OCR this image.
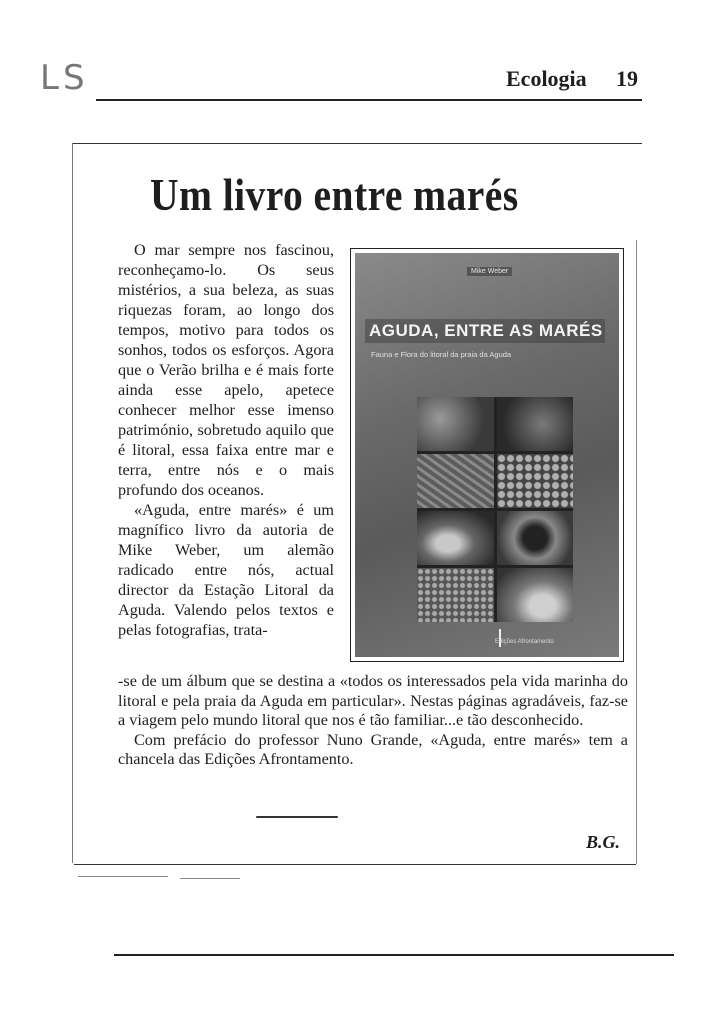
LS	Ecologia 19
Um livro entre marés

O mar sempre nos fascinou, reconheçamo-lo. Os seus mistérios, a sua beleza, as suas riquezas foram, ao longo dos tempos, motivo para todos os sonhos, todos os esforços. Agora que o Verão brilha e é mais forte ainda esse apelo, apetece conhecer melhor esse imenso património, sobretudo aquilo que é litoral, essa faixa entre mar e terra, entre nós e o mais profundo dos oceanos.

«Aguda, entre marés» é um magnífico livro da autoria de Mike Weber, um alemão radicado entre nós, actual director da Estação Litoral da Aguda. Valendo pelos textos e pelas fotografias, trata-

Mike Weber
AGUDA, ENTRE AS MARÉS
Fauna e Flora do litoral da praia da Aguda
Edições Afrontamento

-se de um álbum que se destina a «todos os interessados pela vida marinha do litoral e pela praia da Aguda em particular». Nestas páginas agradáveis, faz-se a viagem pelo mundo litoral que nos é tão familiar...e tão desconhecido.

Com prefácio do professor Nuno Grande, «Aguda, entre marés» tem a chancela das Edições Afrontamento.

B.G.
